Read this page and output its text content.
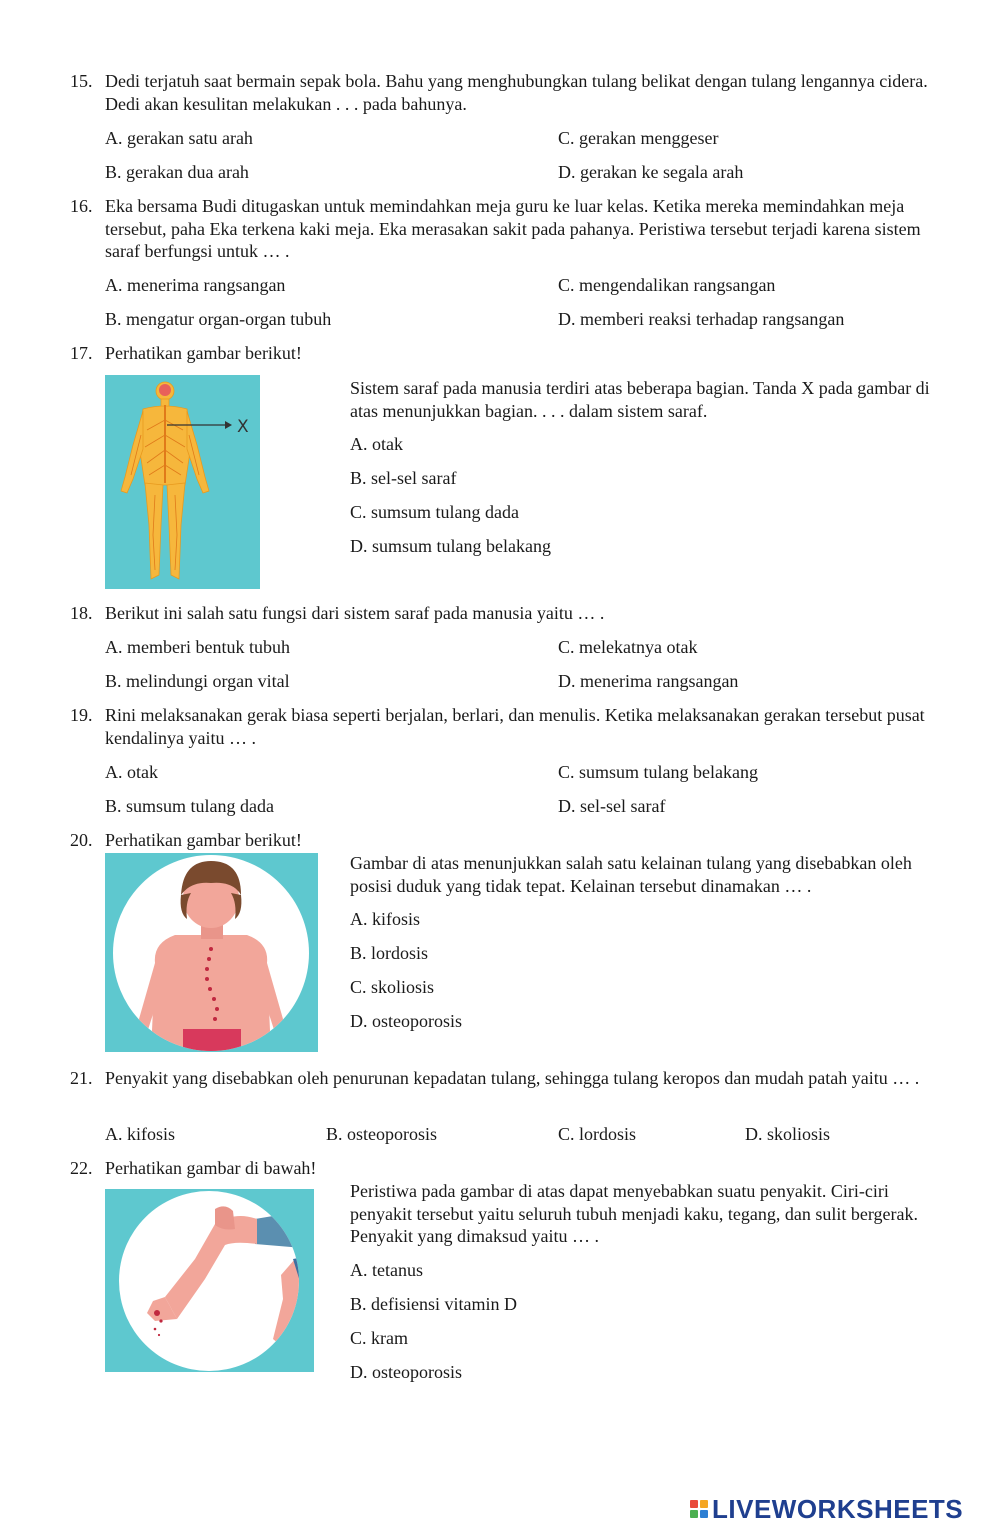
15. Dedi terjatuh saat bermain sepak bola. Bahu yang menghubungkan tulang belikat dengan tulang lengannya cidera. Dedi akan kesulitan melakukan . . . pada bahunya.
A. gerakan satu arah	C. gerakan menggeser
B. gerakan dua arah	D. gerakan ke segala arah
16. Eka bersama Budi ditugaskan untuk memindahkan meja guru ke luar kelas. Ketika mereka memindahkan meja tersebut, paha Eka terkena kaki meja. Eka merasakan sakit pada pahanya. Peristiwa tersebut terjadi karena sistem saraf berfungsi untuk … .
A. menerima rangsangan	C. mengendalikan rangsangan
B. mengatur organ-organ tubuh	D. memberi reaksi terhadap rangsangan
17. Perhatikan gambar berikut!
X
Sistem saraf pada manusia terdiri atas beberapa bagian. Tanda X pada gambar di atas menunjukkan bagian. . . . dalam sistem saraf.
A. otak
B. sel-sel saraf
C. sumsum tulang dada
D. sumsum tulang belakang
18. Berikut ini salah satu fungsi dari sistem saraf pada manusia yaitu … .
A. memberi bentuk tubuh	C. melekatnya otak
B. melindungi organ vital	D. menerima rangsangan
19. Rini melaksanakan gerak biasa seperti berjalan, berlari, dan menulis. Ketika melaksanakan gerakan tersebut pusat kendalinya yaitu … .
A. otak	C. sumsum tulang belakang
B. sumsum tulang dada	D. sel-sel saraf
20. Perhatikan gambar berikut!
Gambar di atas menunjukkan salah satu kelainan tulang yang disebabkan oleh posisi duduk yang tidak tepat. Kelainan tersebut dinamakan … .
A. kifosis
B. lordosis
C. skoliosis
D. osteoporosis
21. Penyakit yang disebabkan oleh penurunan kepadatan tulang, sehingga tulang keropos dan mudah patah yaitu … .
A. kifosis	B. osteoporosis	C. lordosis	D. skoliosis
22. Perhatikan gambar di bawah!
Peristiwa pada gambar di atas dapat menyebabkan suatu penyakit. Ciri-ciri penyakit tersebut yaitu seluruh tubuh menjadi kaku, tegang, dan sulit bergerak. Penyakit yang dimaksud yaitu … .
A. tetanus
B. defisiensi vitamin D
C. kram
D. osteoporosis
LIVEWORKSHEETS
